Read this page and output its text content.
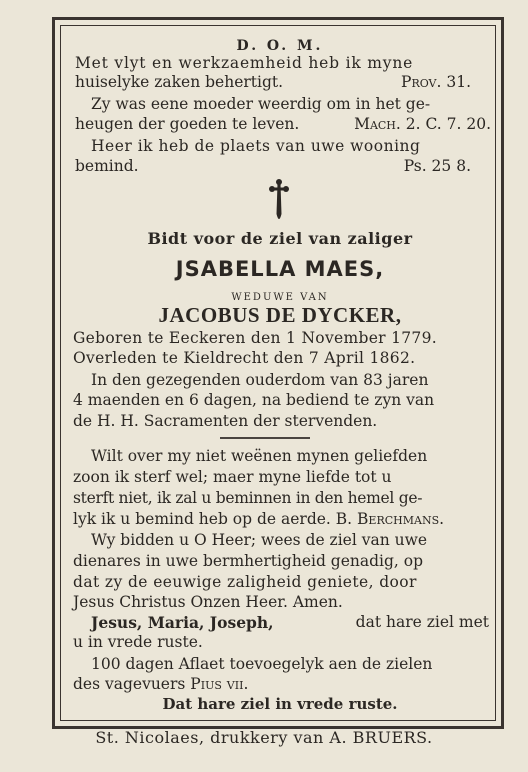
D. O. M.
Met vlyt en werkzaemheid heb ik myne
huiselyke zaken behertigt.	Prov. 31.
Zy was eene moeder weerdig om in het ge-
heugen der goeden te leven.	Mach. 2. C. 7. 20.
Heer ik heb de plaets van uwe wooning
bemind.	Ps. 25 8.
Bidt voor de ziel van zaliger
JSABELLA MAES,
WEDUWE VAN
JACOBUS DE DYCKER,
Geboren te Eeckeren den 1 November 1779.
Overleden te Kieldrecht den 7 April 1862.
In den gezegenden ouderdom van 83 jaren
4 maenden en 6 dagen, na bediend te zyn van
de H. H. Sacramenten der stervenden.
Wilt over my niet weënen mynen geliefden
zoon ik sterf wel; maer myne liefde tot u
sterft niet, ik zal u beminnen in den hemel ge-
lyk ik u bemind heb op de aerde. B. Berchmans.
Wy bidden u O Heer; wees de ziel van uwe
dienares in uwe bermhertigheid genadig, op
dat zy de eeuwige zaligheid geniete, door
Jesus Christus Onzen Heer. Amen.
Jesus, Maria, Joseph,	dat hare ziel met
u in vrede ruste.
100 dagen Aflaet toevoegelyk aen de zielen
des vagevuers Pius vii.
Dat hare ziel in vrede ruste.
St. Nicolaes, drukkery van A. BRUERS.
